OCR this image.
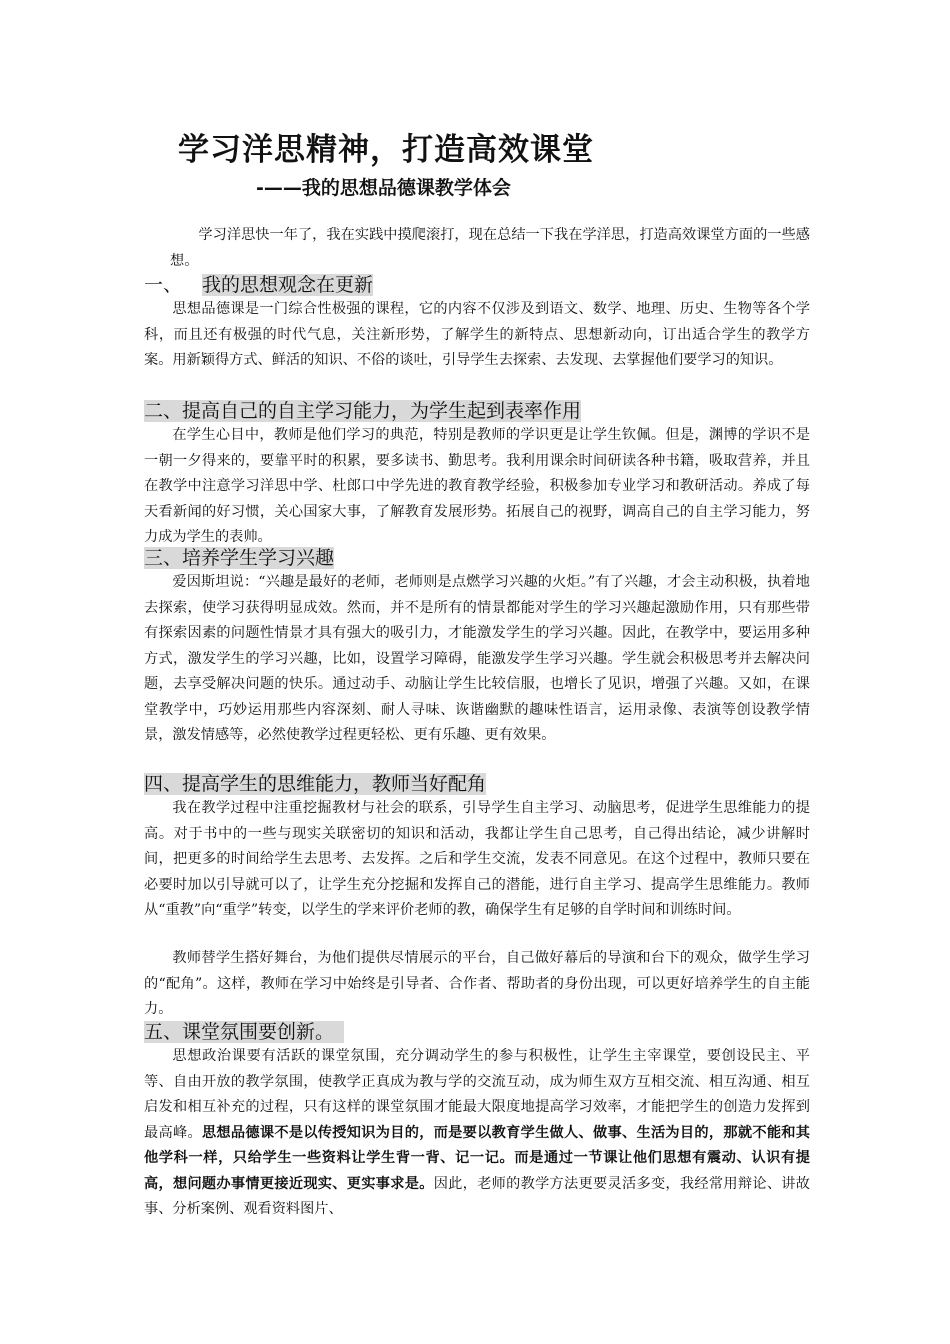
学习洋思精神，打造高效课堂
-——我的思想品德课教学体会
学习洋思快一年了，我在实践中摸爬滚打，现在总结一下我在学洋思，打造高效课堂方面的一些感想。
一、 我的思想观念在更新
思想品德课是一门综合性极强的课程，它的内容不仅涉及到语文、数学、地理、历史、生物等各个学科，而且还有极强的时代气息，关注新形势，了解学生的新特点、思想新动向，订出适合学生的教学方案。用新颖得方式、鲜活的知识、不俗的谈吐，引导学生去探索、去发现、去掌握他们要学习的知识。
二、提高自己的自主学习能力，为学生起到表率作用
在学生心目中，教师是他们学习的典范，特别是教师的学识更是让学生钦佩。但是，渊博的学识不是一朝一夕得来的，要靠平时的积累，要多读书、勤思考。我利用课余时间研读各种书籍，吸取营养，并且在教学中注意学习洋思中学、杜郎口中学先进的教育教学经验，积极参加专业学习和教研活动。养成了每天看新闻的好习惯，关心国家大事，了解教育发展形势。拓展自己的视野，调高自己的自主学习能力，努力成为学生的表帅。
三、培养学生学习兴趣
爱因斯坦说：“兴趣是最好的老师，老师则是点燃学习兴趣的火炬。”有了兴趣，才会主动积极，执着地去探索，使学习获得明显成效。然而，并不是所有的情景都能对学生的学习兴趣起激励作用，只有那些带有探索因素的问题性情景才具有强大的吸引力，才能激发学生的学习兴趣。因此，在教学中，要运用多种方式，激发学生的学习兴趣，比如，设置学习障碍，能激发学生学习兴趣。学生就会积极思考并去解决问题，去享受解决问题的快乐。通过动手、动脑让学生比较信服，也增长了见识，增强了兴趣。又如，在课堂教学中，巧妙运用那些内容深刻、耐人寻味、诙谐幽默的趣味性语言，运用录像、表演等创设教学情景，激发情感等，必然使教学过程更轻松、更有乐趣、更有效果。
四、提高学生的思维能力，教师当好配角
我在教学过程中注重挖掘教材与社会的联系，引导学生自主学习、动脑思考，促进学生思维能力的提高。对于书中的一些与现实关联密切的知识和活动，我都让学生自己思考，自己得出结论，减少讲解时间，把更多的时间给学生去思考、去发挥。之后和学生交流，发表不同意见。在这个过程中，教师只要在必要时加以引导就可以了，让学生充分挖掘和发挥自己的潜能，进行自主学习、提高学生思维能力。教师从“重教”向“重学”转变，以学生的学来评价老师的教，确保学生有足够的自学时间和训练时间。
教师替学生搭好舞台，为他们提供尽情展示的平台，自己做好幕后的导演和台下的观众，做学生学习的“配角”。这样，教师在学习中始终是引导者、合作者、帮助者的身份出现，可以更好培养学生的自主能力。
五、课堂氛围要创新。
思想政治课要有活跃的课堂氛围，充分调动学生的参与积极性，让学生主宰课堂，要创设民主、平等、自由开放的教学氛围，使教学正真成为教与学的交流互动，成为师生双方互相交流、相互沟通、相互启发和相互补充的过程，只有这样的课堂氛围才能最大限度地提高学习效率，才能把学生的创造力发挥到最高峰。思想品德课不是以传授知识为目的，而是要以教育学生做人、做事、生活为目的，那就不能和其他学科一样，只给学生一些资料让学生背一背、记一记。而是通过一节课让他们思想有震动、认识有提高，想问题办事情更接近现实、更实事求是。因此，老师的教学方法更要灵活多变，我经常用辩论、讲故事、分析案例、观看资料图片、
